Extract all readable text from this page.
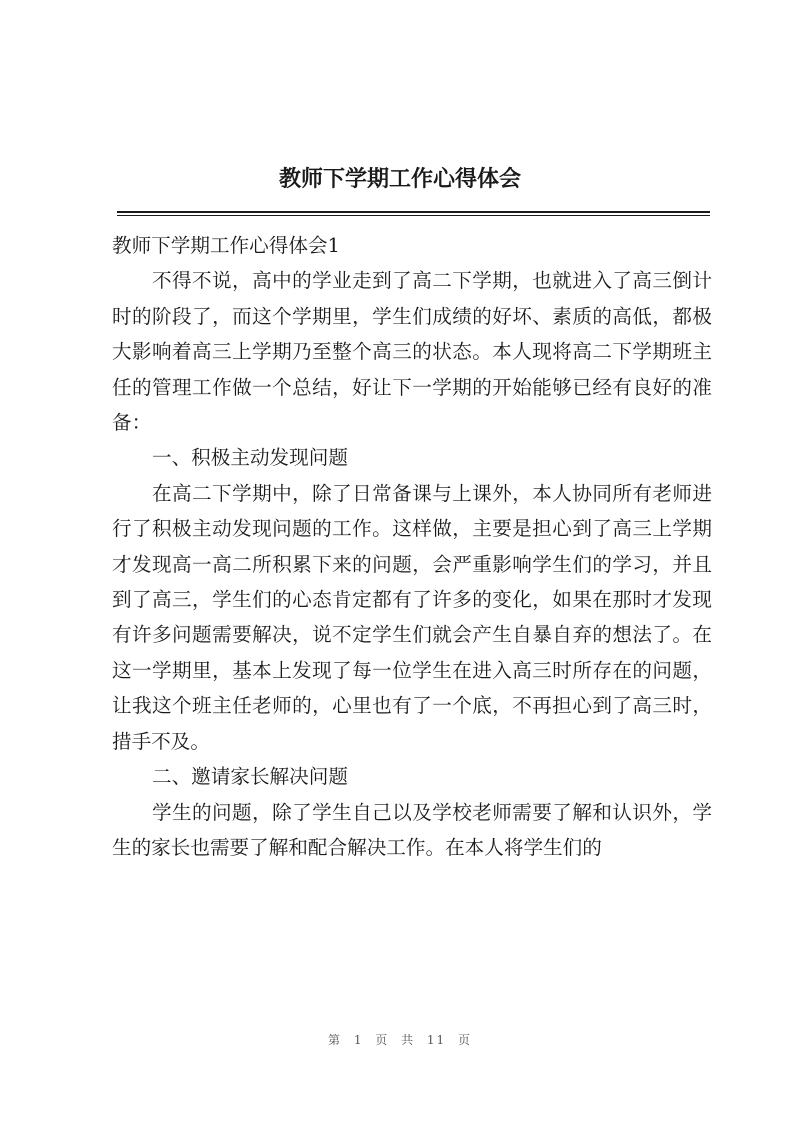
教师下学期工作心得体会

教师下学期工作心得体会1

不得不说，高中的学业走到了高二下学期，也就进入了高三倒计时的阶段了，而这个学期里，学生们成绩的好坏、素质的高低，都极大影响着高三上学期乃至整个高三的状态。本人现将高二下学期班主任的管理工作做一个总结，好让下一学期的开始能够已经有良好的准备：

一、积极主动发现问题

在高二下学期中，除了日常备课与上课外，本人协同所有老师进行了积极主动发现问题的工作。这样做，主要是担心到了高三上学期才发现高一高二所积累下来的问题，会严重影响学生们的学习，并且到了高三，学生们的心态肯定都有了许多的变化，如果在那时才发现有许多问题需要解决，说不定学生们就会产生自暴自弃的想法了。在这一学期里，基本上发现了每一位学生在进入高三时所存在的问题，让我这个班主任老师的，心里也有了一个底，不再担心到了高三时，措手不及。

二、邀请家长解决问题

学生的问题，除了学生自己以及学校老师需要了解和认识外，学生的家长也需要了解和配合解决工作。在本人将学生们的

第 1 页 共 11 页
